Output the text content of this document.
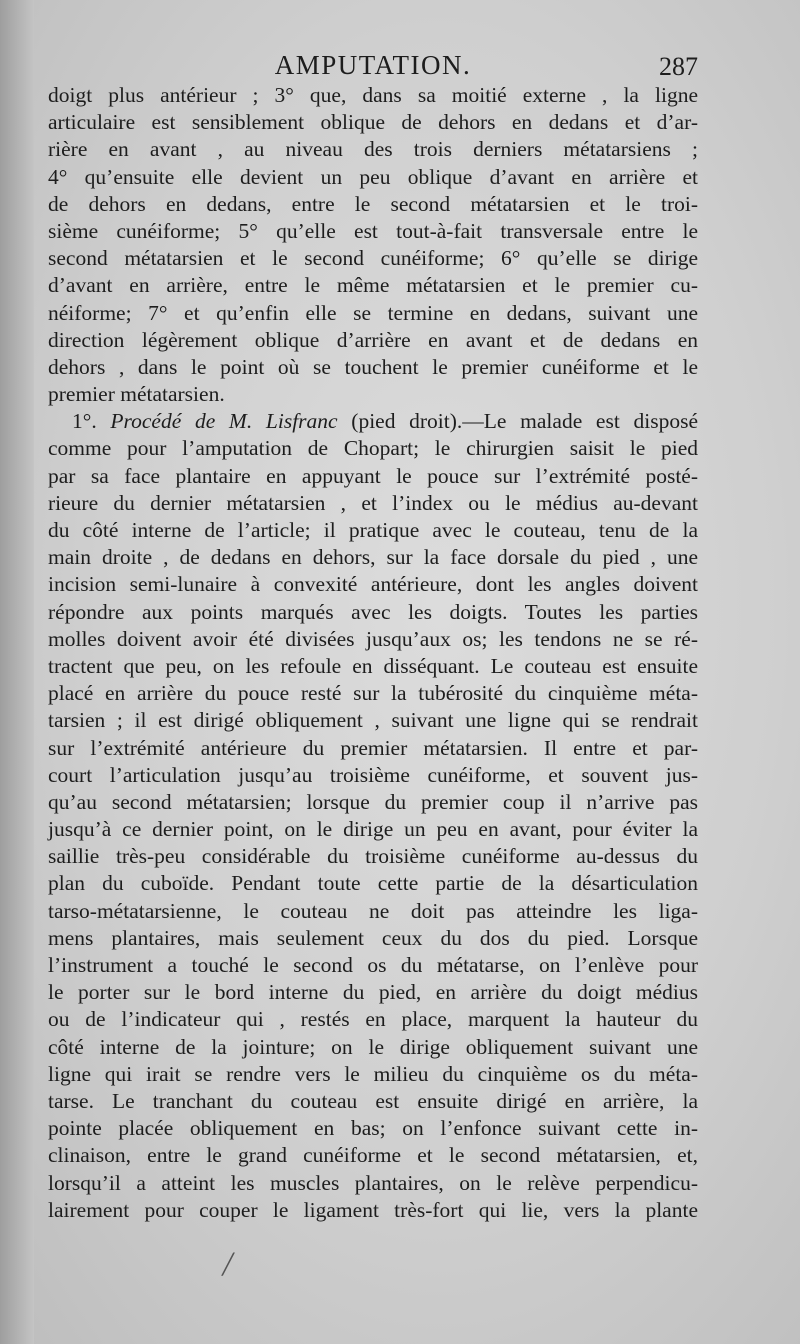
AMPUTATION.	287
doigt plus antérieur ; 3° que, dans sa moitié externe , la ligne
articulaire est sensiblement oblique de dehors en dedans et d’ar-
rière en avant , au niveau des trois derniers métatarsiens ;
4° qu’ensuite elle devient un peu oblique d’avant en arrière et
de dehors en dedans, entre le second métatarsien et le troi-
sième cunéiforme; 5° qu’elle est tout-à-fait transversale entre le
second métatarsien et le second cunéiforme; 6° qu’elle se dirige
d’avant en arrière, entre le même métatarsien et le premier cu-
néiforme; 7° et qu’enfin elle se termine en dedans, suivant une
direction légèrement oblique d’arrière en avant et de dedans en
dehors , dans le point où se touchent le premier cunéiforme et le
premier métatarsien.
1°. Procédé de M. Lisfranc (pied droit).—Le malade est disposé
comme pour l’amputation de Chopart; le chirurgien saisit le pied
par sa face plantaire en appuyant le pouce sur l’extrémité posté-
rieure du dernier métatarsien , et l’index ou le médius au-devant
du côté interne de l’article; il pratique avec le couteau, tenu de la
main droite , de dedans en dehors, sur la face dorsale du pied , une
incision semi-lunaire à convexité antérieure, dont les angles doivent
répondre aux points marqués avec les doigts. Toutes les parties
molles doivent avoir été divisées jusqu’aux os; les tendons ne se ré-
tractent que peu, on les refoule en disséquant. Le couteau est ensuite
placé en arrière du pouce resté sur la tubérosité du cinquième méta-
tarsien ; il est dirigé obliquement , suivant une ligne qui se rendrait
sur l’extrémité antérieure du premier métatarsien. Il entre et par-
court l’articulation jusqu’au troisième cunéiforme, et souvent jus-
qu’au second métatarsien; lorsque du premier coup il n’arrive pas
jusqu’à ce dernier point, on le dirige un peu en avant, pour éviter la
saillie très-peu considérable du troisième cunéiforme au-dessus du
plan du cuboïde. Pendant toute cette partie de la désarticulation
tarso-métatarsienne, le couteau ne doit pas atteindre les liga-
mens plantaires, mais seulement ceux du dos du pied. Lorsque
l’instrument a touché le second os du métatarse, on l’enlève pour
le porter sur le bord interne du pied, en arrière du doigt médius
ou de l’indicateur qui , restés en place, marquent la hauteur du
côté interne de la jointure; on le dirige obliquement suivant une
ligne qui irait se rendre vers le milieu du cinquième os du méta-
tarse. Le tranchant du couteau est ensuite dirigé en arrière, la
pointe placée obliquement en bas; on l’enfonce suivant cette in-
clinaison, entre le grand cunéiforme et le second métatarsien, et,
lorsqu’il a atteint les muscles plantaires, on le relève perpendicu-
lairement pour couper le ligament très-fort qui lie, vers la plante
╱
